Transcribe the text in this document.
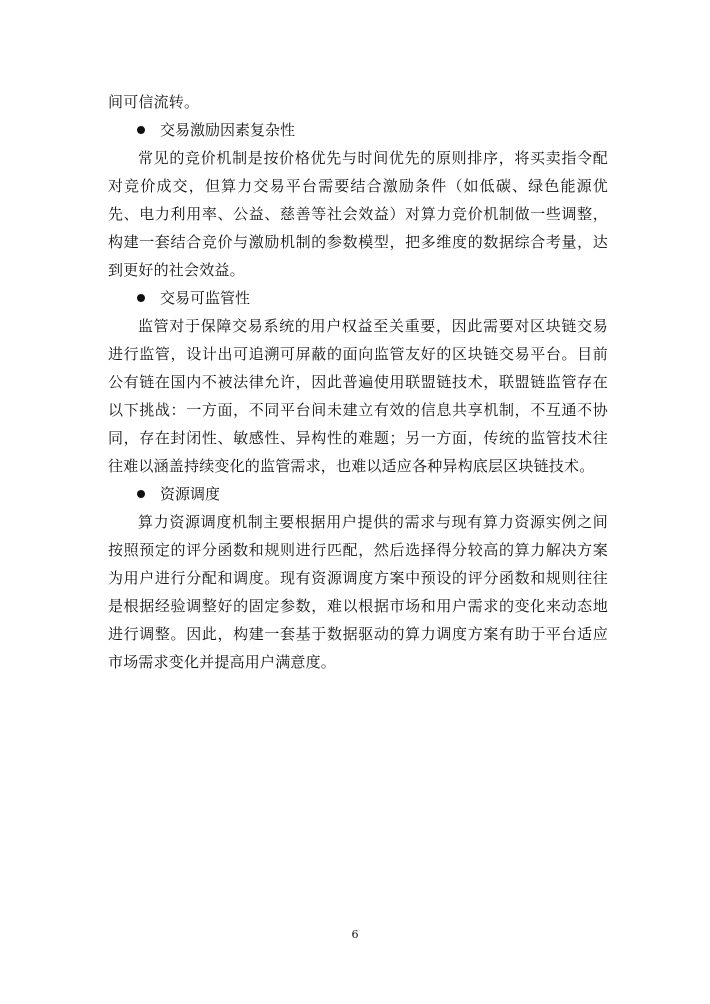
间可信流转。

交易激励因素复杂性

常见的竞价机制是按价格优先与时间优先的原则排序，将买卖指令配对竞价成交，但算力交易平台需要结合激励条件（如低碳、绿色能源优先、电力利用率、公益、慈善等社会效益）对算力竞价机制做一些调整，构建一套结合竞价与激励机制的参数模型，把多维度的数据综合考量，达到更好的社会效益。

交易可监管性

监管对于保障交易系统的用户权益至关重要，因此需要对区块链交易进行监管，设计出可追溯可屏蔽的面向监管友好的区块链交易平台。目前公有链在国内不被法律允许，因此普遍使用联盟链技术，联盟链监管存在以下挑战：一方面，不同平台间未建立有效的信息共享机制，不互通不协同，存在封闭性、敏感性、异构性的难题；另一方面，传统的监管技术往往难以涵盖持续变化的监管需求，也难以适应各种异构底层区块链技术。

资源调度

算力资源调度机制主要根据用户提供的需求与现有算力资源实例之间按照预定的评分函数和规则进行匹配，然后选择得分较高的算力解决方案为用户进行分配和调度。现有资源调度方案中预设的评分函数和规则往往是根据经验调整好的固定参数，难以根据市场和用户需求的变化来动态地进行调整。因此，构建一套基于数据驱动的算力调度方案有助于平台适应市场需求变化并提高用户满意度。

6
